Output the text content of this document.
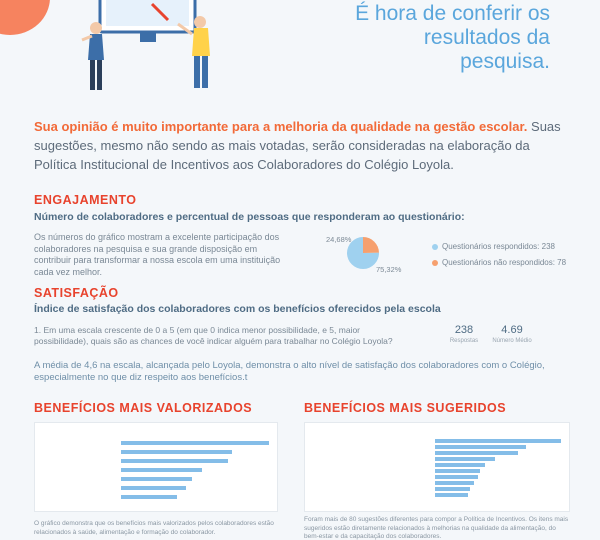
É hora de conferir os resultados da pesquisa.

Sua opinião é muito importante para a melhoria da qualidade na gestão escolar. Suas sugestões, mesmo não sendo as mais votadas, serão consideradas na elaboração da Política Institucional de Incentivos aos Colaboradores do Colégio Loyola.

ENGAJAMENTO
Número de colaboradores e percentual de pessoas que responderam ao questionário:
Os números do gráfico mostram a excelente participação dos colaboradores na pesquisa e sua grande disposição em contribuir para transformar a nossa escola em uma instituição cada vez melhor.
24,68%
75,32%
Questionários respondidos: 238
Questionários não respondidos: 78
SATISFAÇÃO
Índice de satisfação dos colaboradores com os benefícios oferecidos pela escola
1. Em uma escala crescente de 0 a 5 (em que 0 indica menor possibilidade, e 5, maior possibilidade), quais são as chances de você indicar alguém para trabalhar no Colégio Loyola?
238
Respostas
4.69
Número Médio
A média de 4,6 na escala, alcançada pelo Loyola, demonstra o alto nível de satisfação dos colaboradores com o Colégio, especialmente no que diz respeito aos benefícios.t
BENEFÍCIOS MAIS VALORIZADOS	BENEFÍCIOS MAIS SUGERIDOS
O gráfico demonstra que os benefícios mais valorizados pelos colaboradores estão relacionados à saúde, alimentação e formação do colaborador.
Foram mais de 80 sugestões diferentes para compor a Política de Incentivos. Os itens mais sugeridos estão diretamente relacionados à melhorias na qualidade da alimentação, do bem-estar e da capacitação dos colaboradores.
